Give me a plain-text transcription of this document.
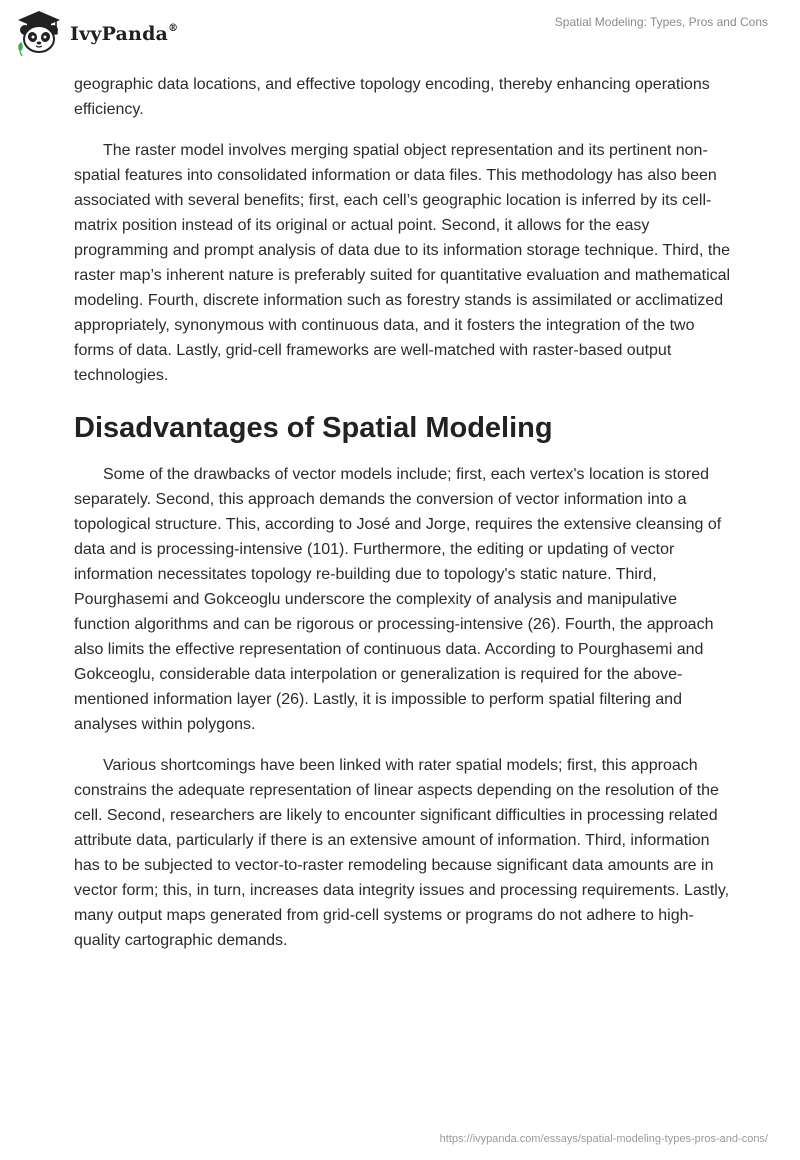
IvyPanda®	Spatial Modeling: Types, Pros and Cons

geographic data locations, and effective topology encoding, thereby enhancing operations efficiency.

The raster model involves merging spatial object representation and its pertinent non-spatial features into consolidated information or data files. This methodology has also been associated with several benefits; first, each cell’s geographic location is inferred by its cell-matrix position instead of its original or actual point. Second, it allows for the easy programming and prompt analysis of data due to its information storage technique. Third, the raster map’s inherent nature is preferably suited for quantitative evaluation and mathematical modeling. Fourth, discrete information such as forestry stands is assimilated or acclimatized appropriately, synonymous with continuous data, and it fosters the integration of the two forms of data. Lastly, grid-cell frameworks are well-matched with raster-based output technologies.

Disadvantages of Spatial Modeling

Some of the drawbacks of vector models include; first, each vertex's location is stored separately. Second, this approach demands the conversion of vector information into a topological structure. This, according to José and Jorge, requires the extensive cleansing of data and is processing-intensive (101). Furthermore, the editing or updating of vector information necessitates topology re-building due to topology's static nature. Third, Pourghasemi and Gokceoglu underscore the complexity of analysis and manipulative function algorithms and can be rigorous or processing-intensive (26). Fourth, the approach also limits the effective representation of continuous data. According to Pourghasemi and Gokceoglu, considerable data interpolation or generalization is required for the above-mentioned information layer (26). Lastly, it is impossible to perform spatial filtering and analyses within polygons.

Various shortcomings have been linked with rater spatial models; first, this approach constrains the adequate representation of linear aspects depending on the resolution of the cell. Second, researchers are likely to encounter significant difficulties in processing related attribute data, particularly if there is an extensive amount of information. Third, information has to be subjected to vector-to-raster remodeling because significant data amounts are in vector form; this, in turn, increases data integrity issues and processing requirements. Lastly, many output maps generated from grid-cell systems or programs do not adhere to high-quality cartographic demands.

https://ivypanda.com/essays/spatial-modeling-types-pros-and-cons/
